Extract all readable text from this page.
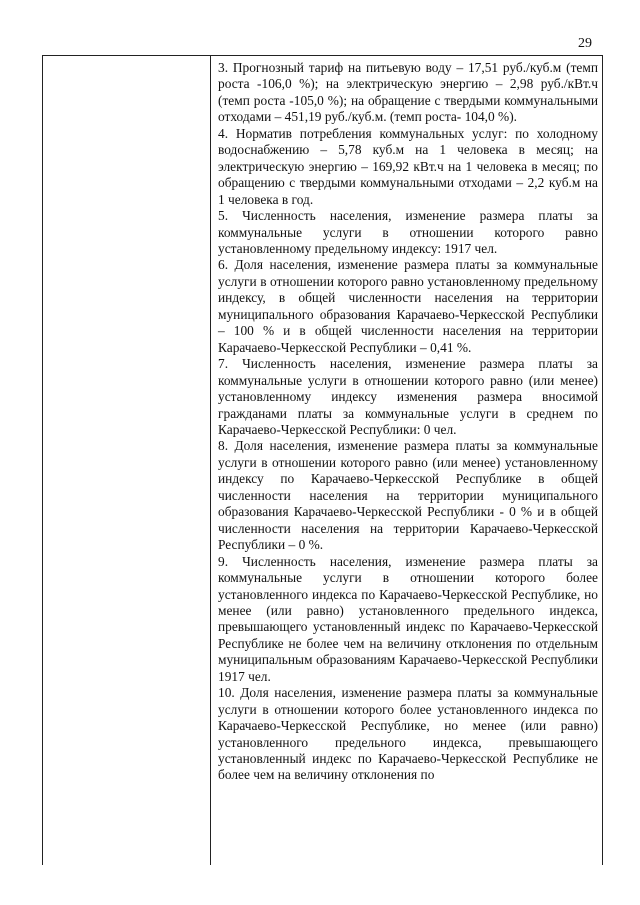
29

3. Прогнозный тариф на питьевую воду – 17,51 руб./куб.м (темп роста -106,0 %); на электрическую энергию – 2,98 руб./кВт.ч (темп роста -105,0 %); на обращение с твердыми коммунальными отходами – 451,19 руб./куб.м. (темп роста- 104,0 %).

4. Норматив потребления коммунальных услуг: по холодному водоснабжению – 5,78 куб.м на 1 человека в месяц; на электрическую энергию – 169,92 кВт.ч на 1 человека в месяц; по обращению с твердыми коммунальными отходами – 2,2 куб.м на 1 человека в год.

5. Численность населения, изменение размера платы за коммунальные услуги в отношении которого равно установленному предельному индексу: 1917 чел.

6. Доля населения, изменение размера платы за коммунальные услуги в отношении которого равно установленному предельному индексу, в общей численности населения на территории муниципального образования Карачаево-Черкесской Республики – 100 % и в общей численности населения на территории Карачаево-Черкесской Республики – 0,41 %.

7. Численность населения, изменение размера платы за коммунальные услуги в отношении которого равно (или менее) установленному индексу изменения размера вносимой гражданами платы за коммунальные услуги в среднем по Карачаево-Черкесской Республики: 0 чел.

8. Доля населения, изменение размера платы за коммунальные услуги в отношении которого равно (или менее) установленному индексу по Карачаево-Черкесской Республике в общей численности населения на территории муниципального образования Карачаево-Черкесской Республики - 0 % и в общей численности населения на территории Карачаево-Черкесской Республики – 0 %.

9. Численность населения, изменение размера платы за коммунальные услуги в отношении которого более установленного индекса по Карачаево-Черкесской Республике, но менее (или равно) установленного предельного индекса, превышающего установленный индекс по Карачаево-Черкесской Республике не более чем на величину отклонения по отдельным муниципальным образованиям Карачаево-Черкесской Республики 1917 чел.

10. Доля населения, изменение размера платы за коммунальные услуги в отношении которого более установленного индекса по Карачаево-Черкесской Республике, но менее (или равно) установленного предельного индекса, превышающего установленный индекс по Карачаево-Черкесской Республике не более чем на величину отклонения по
